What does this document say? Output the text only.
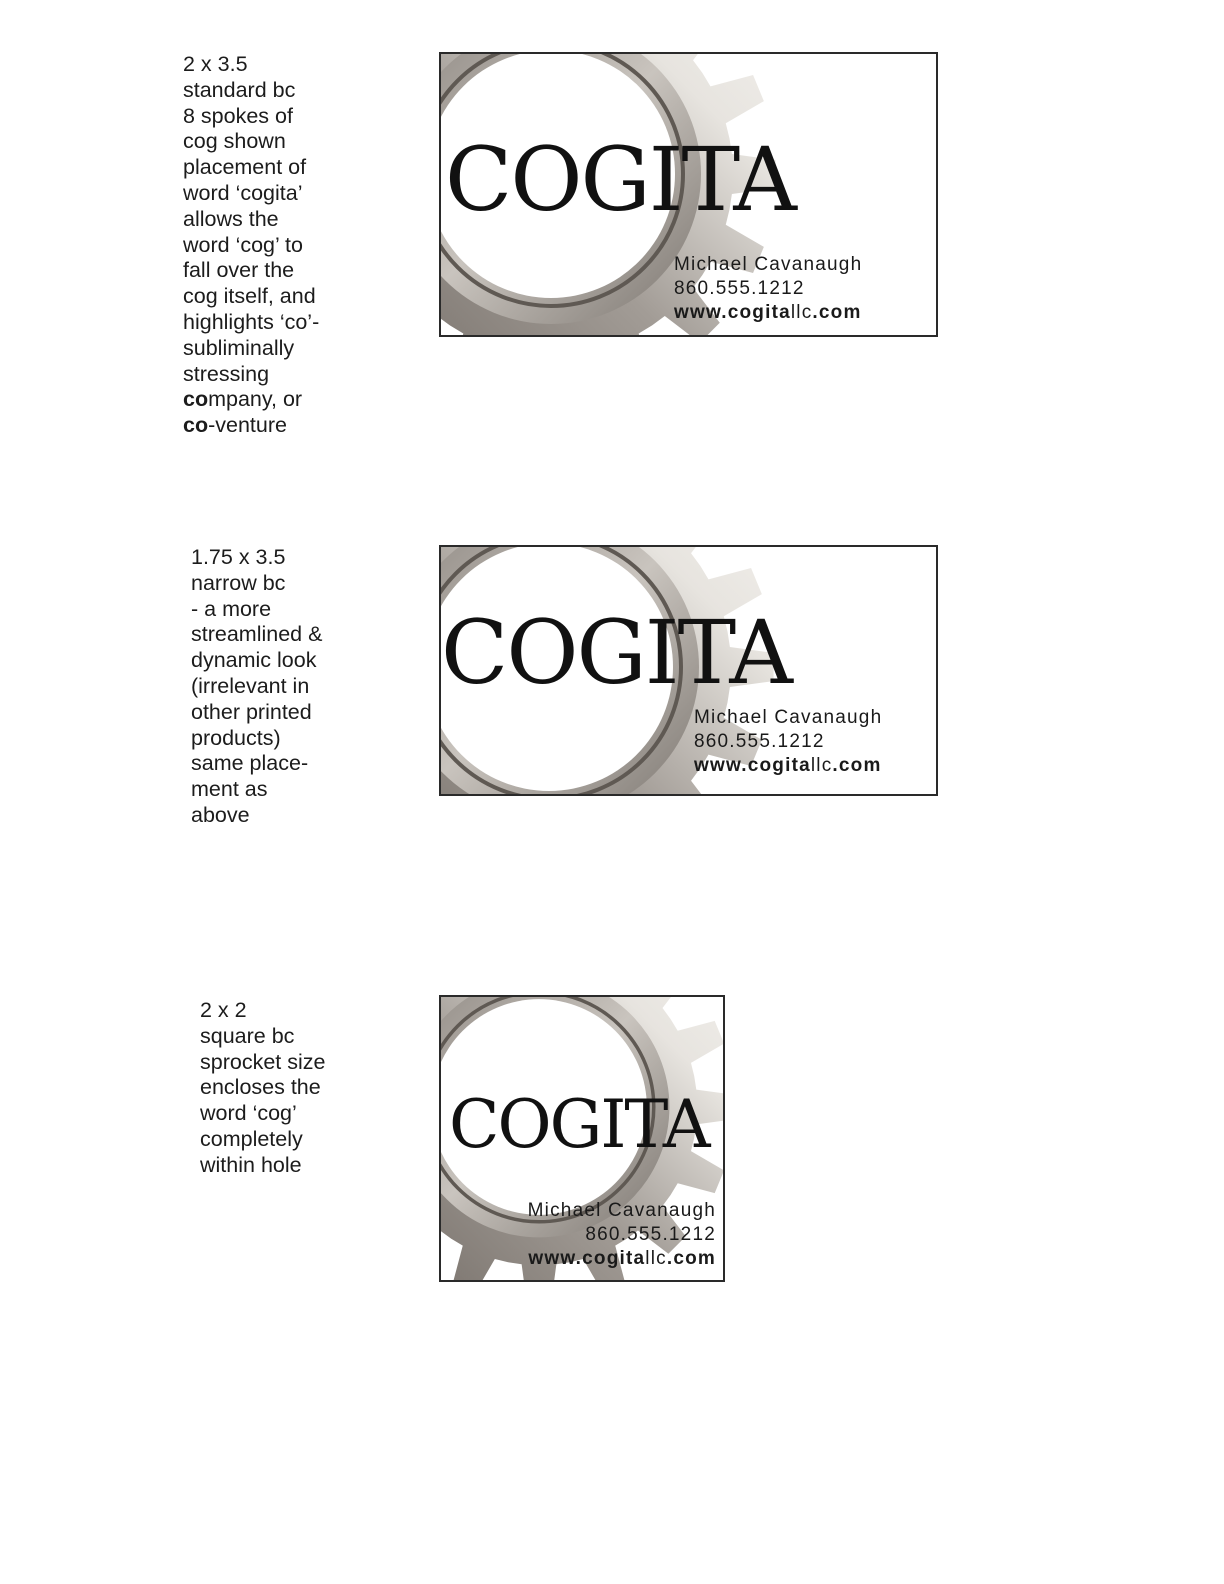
2 x 3.5
standard bc
8 spokes of
cog shown
placement of
word ‘cogita’
allows the
word ‘cog’ to
fall over the
cog itself, and
highlights ‘co’-
subliminally
stressing
company, or
co-venture
1.75 x 3.5
narrow bc
- a more
streamlined &
dynamic look
(irrelevant in
other printed
products)
same place-
ment as
above
2 x 2
square bc
sprocket size
encloses the
word ‘cog’
completely
within hole
COGITA
Michael Cavanaugh
860.555.1212
www.cogitallc.com
COGITA
Michael Cavanaugh
860.555.1212
www.cogitallc.com
COGITA
Michael Cavanaugh
860.555.1212
www.cogitallc.com
